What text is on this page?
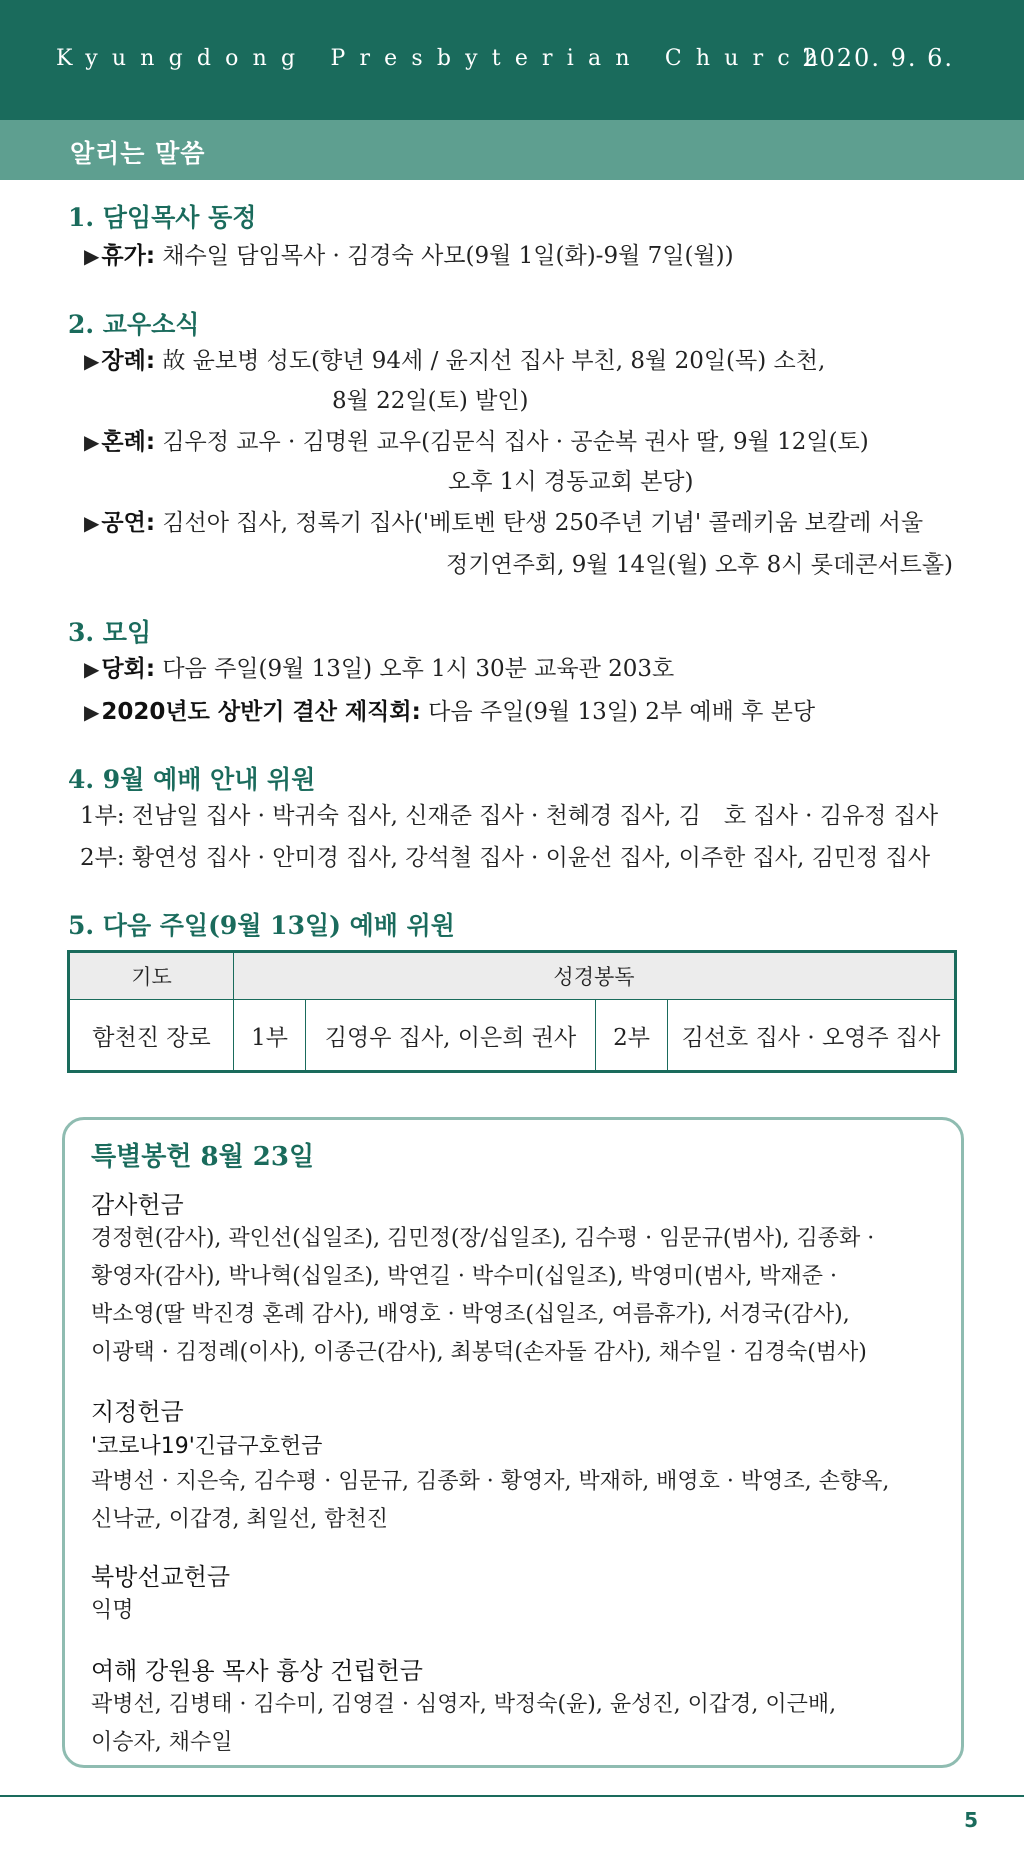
Kyungdong Presbyterian Church
2020. 9. 6.
알리는 말씀
1. 담임목사 동정
▶휴가: 채수일 담임목사 · 김경숙 사모(9월 1일(화)-9월 7일(월))
2. 교우소식
▶장례: 故 윤보병 성도(향년 94세 / 윤지선 집사 부친, 8월 20일(목) 소천,
8월 22일(토) 발인)
▶혼례: 김우정 교우 · 김명원 교우(김문식 집사 · 공순복 권사 딸, 9월 12일(토)
오후 1시 경동교회 본당)
▶공연: 김선아 집사, 정록기 집사('베토벤 탄생 250주년 기념' 콜레키움 보칼레 서울
정기연주회, 9월 14일(월) 오후 8시 롯데콘서트홀)
3. 모임
▶당회: 다음 주일(9월 13일) 오후 1시 30분 교육관 203호
▶2020년도 상반기 결산 제직회: 다음 주일(9월 13일) 2부 예배 후 본당
4. 9월 예배 안내 위원
1부: 전남일 집사 · 박귀숙 집사, 신재준 집사 · 천혜경 집사, 김　호 집사 · 김유정 집사
2부: 황연성 집사 · 안미경 집사, 강석철 집사 · 이윤선 집사, 이주한 집사, 김민정 집사
5. 다음 주일(9월 13일) 예배 위원
기도	성경봉독			
함천진 장로	1부	김영우 집사, 이은희 권사	2부	김선호 집사 · 오영주 집사
특별봉헌 8월 23일
감사헌금
경정현(감사), 곽인선(십일조), 김민정(장/십일조), 김수평 · 임문규(범사), 김종화 ·
황영자(감사), 박나혁(십일조), 박연길 · 박수미(십일조), 박영미(범사, 박재준 ·
박소영(딸 박진경 혼례 감사), 배영호 · 박영조(십일조, 여름휴가), 서경국(감사),
이광택 · 김정례(이사), 이종근(감사), 최봉덕(손자돌 감사), 채수일 · 김경숙(범사)
지정헌금
'코로나19'긴급구호헌금
곽병선 · 지은숙, 김수평 · 임문규, 김종화 · 황영자, 박재하, 배영호 · 박영조, 손향옥,
신낙균, 이갑경, 최일선, 함천진
북방선교헌금
익명
여해 강원용 목사 흉상 건립헌금
곽병선, 김병태 · 김수미, 김영걸 · 심영자, 박정숙(윤), 윤성진, 이갑경, 이근배,
이승자, 채수일
5
